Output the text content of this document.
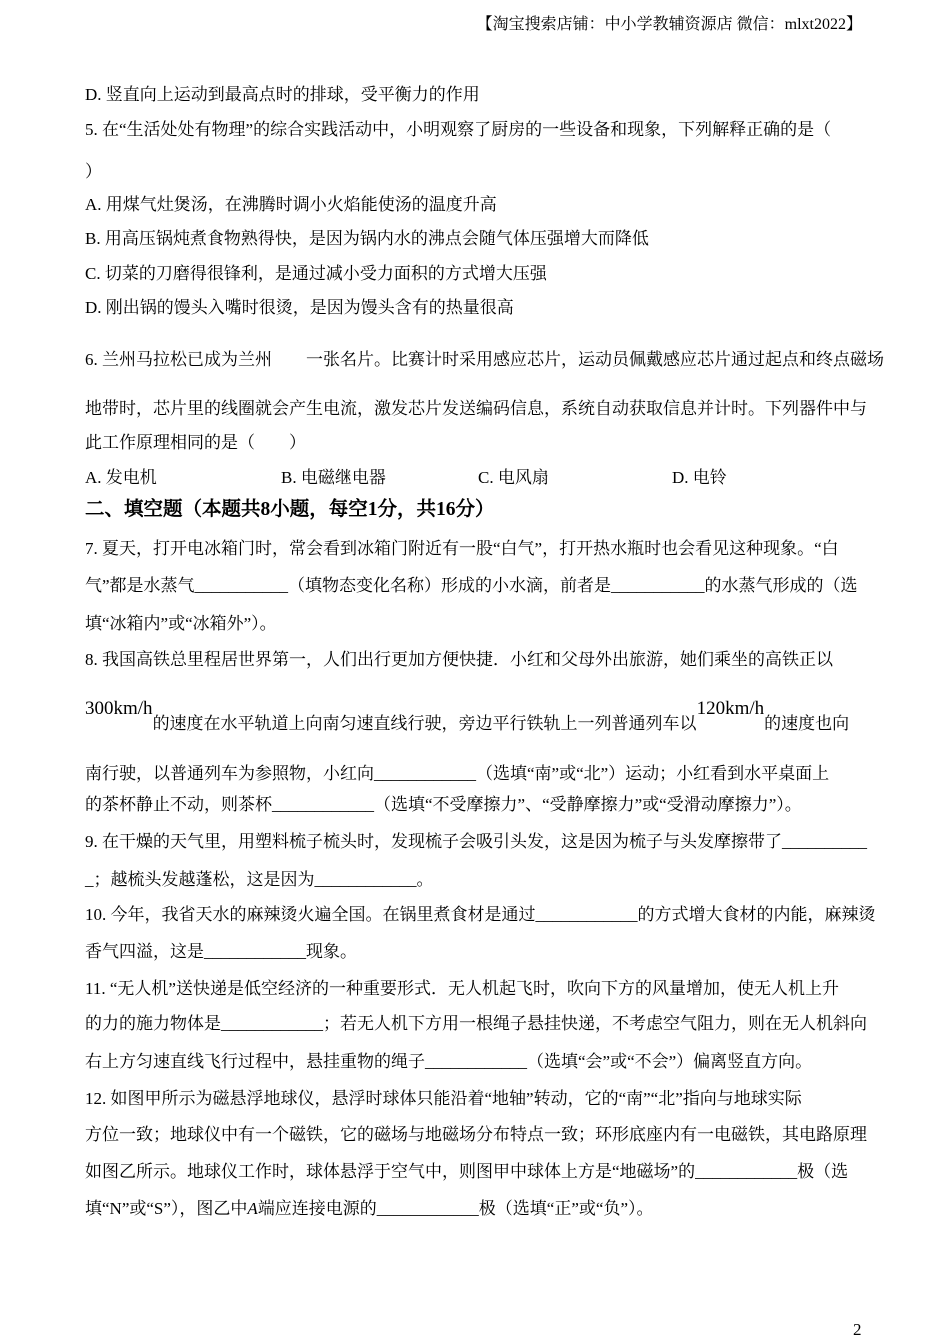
【淘宝搜索店铺：中小学教辅资源店 微信：mlxt2022】
D. 竖直向上运动到最高点时的排球，受平衡力的作用
5. 在“生活处处有物理”的综合实践活动中，小明观察了厨房的一些设备和现象，下列解释正确的是（
）
A. 用煤气灶煲汤，在沸腾时调小火焰能使汤的温度升高
B. 用高压锅炖煮食物熟得快，是因为锅内水的沸点会随气体压强增大而降低
C. 切菜的刀磨得很锋利，是通过减小受力面积的方式增大压强
D. 刚出锅的馒头入嘴时很烫，是因为馒头含有的热量很高
6. 兰州马拉松已成为兰州　　一张名片。比赛计时采用感应芯片，运动员佩戴感应芯片通过起点和终点磁场
地带时，芯片里的线圈就会产生电流，激发芯片发送编码信息，系统自动获取信息并计时。下列器件中与
此工作原理相同的是（　　）
A. 发电机	B. 电磁继电器	C. 电风扇	D. 电铃
二、填空题（本题共8小题，每空1分，共16分）
7. 夏天，打开电冰箱门时，常会看到冰箱门附近有一股“白气”，打开热水瓶时也会看见这种现象。“白
气”都是水蒸气___________（填物态变化名称）形成的小水滴，前者是___________的水蒸气形成的（选
填“冰箱内”或“冰箱外”）。
8. 我国高铁总里程居世界第一，人们出行更加方便快捷．小红和父母外出旅游，她们乘坐的高铁正以
300km/h的速度在水平轨道上向南匀速直线行驶，旁边平行铁轨上一列普通列车以120km/h的速度也向
南行驶，以普通列车为参照物，小红向____________（选填“南”或“北”）运动；小红看到水平桌面上
的茶杯静止不动，则茶杯____________（选填“不受摩擦力”、“受静摩擦力”或“受滑动摩擦力”）。
9. 在干燥的天气里，用塑料梳子梳头时，发现梳子会吸引头发，这是因为梳子与头发摩擦带了__________
_；越梳头发越蓬松，这是因为____________。
10. 今年，我省天水的麻辣烫火遍全国。在锅里煮食材是通过____________的方式增大食材的内能，麻辣烫
香气四溢，这是____________现象。
11. “无人机”送快递是低空经济的一种重要形式．无人机起飞时，吹向下方的风量增加，使无人机上升
的力的施力物体是____________；若无人机下方用一根绳子悬挂快递，不考虑空气阻力，则在无人机斜向
右上方匀速直线飞行过程中，悬挂重物的绳子____________（选填“会”或“不会”）偏离竖直方向。
12. 如图甲所示为磁悬浮地球仪，悬浮时球体只能沿着“地轴”转动，它的“南”“北”指向与地球实际
方位一致；地球仪中有一个磁铁，它的磁场与地磁场分布特点一致；环形底座内有一电磁铁，其电路原理
如图乙所示。地球仪工作时，球体悬浮于空气中，则图甲中球体上方是“地磁场”的____________极（选
填“N”或“S”），图乙中A端应连接电源的____________极（选填“正”或“负”）。
2
